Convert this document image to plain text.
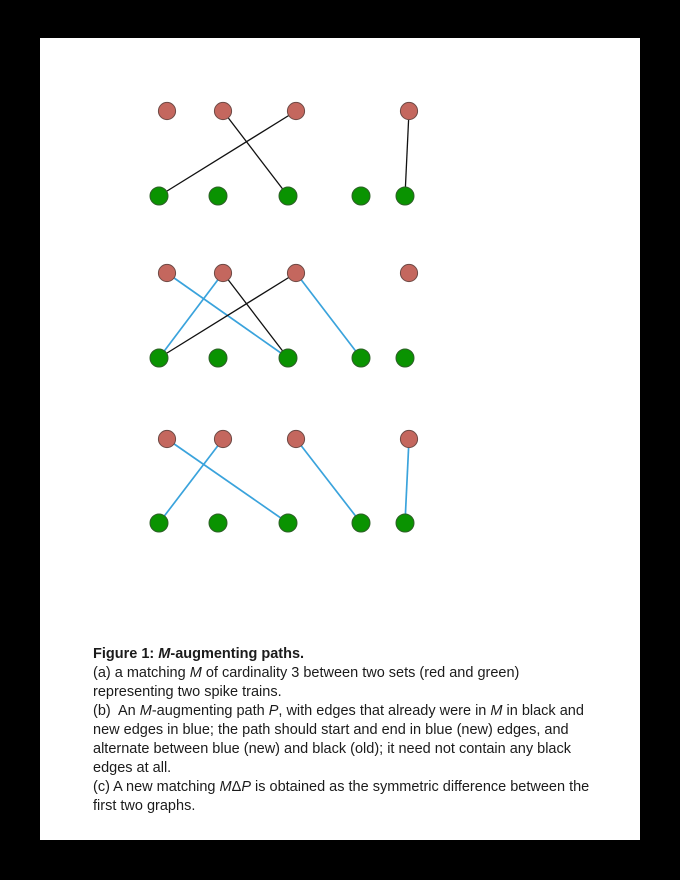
Figure 1: M-augmenting paths.
(a) a matching M of cardinality 3 between two sets (red and green)
representing two spike trains.
(b)  An M-augmenting path P, with edges that already were in M in black and
new edges in blue; the path should start and end in blue (new) edges, and
alternate between blue (new) and black (old); it need not contain any black
edges at all.
(c) A new matching MΔP is obtained as the symmetric difference between the
first two graphs.
